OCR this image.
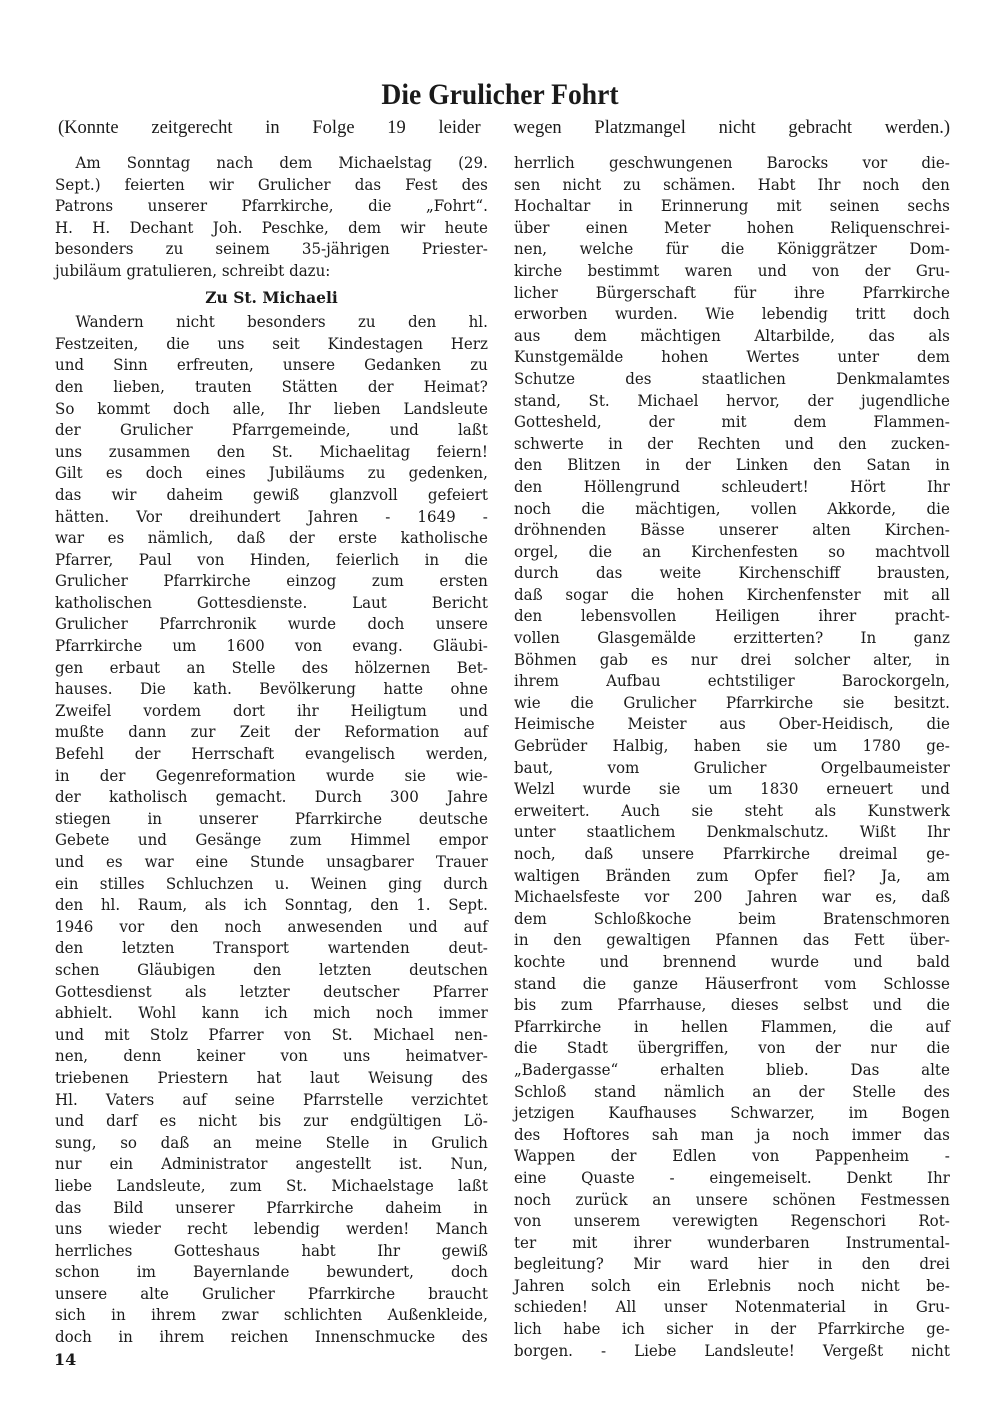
Die Grulicher Fohrt
(Konnte zeitgerecht in Folge 19 leider wegen Platzmangel nicht gebracht werden.)
Am Sonntag nach dem Michaelstag (29.
Sept.) feierten wir Grulicher das Fest des
Patrons unserer Pfarrkirche, die „Fohrt“.
H. H. Dechant Joh. Peschke, dem wir heute
besonders zu seinem 35-jährigen Priester-
jubiläum gratulieren, schreibt dazu:
Zu St. Michaeli
Wandern nicht besonders zu den hl.
Festzeiten, die uns seit Kindestagen Herz
und Sinn erfreuten, unsere Gedanken zu
den lieben, trauten Stätten der Heimat?
So kommt doch alle, Ihr lieben Landsleute
der Grulicher Pfarrgemeinde, und laßt
uns zusammen den St. Michaelitag feiern!
Gilt es doch eines Jubiläums zu gedenken,
das wir daheim gewiß glanzvoll gefeiert
hätten. Vor dreihundert Jahren - 1649 -
war es nämlich, daß der erste katholische
Pfarrer, Paul von Hinden, feierlich in die
Grulicher Pfarrkirche einzog zum ersten
katholischen Gottesdienste. Laut Bericht
Grulicher Pfarrchronik wurde doch unsere
Pfarrkirche um 1600 von evang. Gläubi-
gen erbaut an Stelle des hölzernen Bet-
hauses. Die kath. Bevölkerung hatte ohne
Zweifel vordem dort ihr Heiligtum und
mußte dann zur Zeit der Reformation auf
Befehl der Herrschaft evangelisch werden,
in der Gegenreformation wurde sie wie-
der katholisch gemacht. Durch 300 Jahre
stiegen in unserer Pfarrkirche deutsche
Gebete und Gesänge zum Himmel empor
und es war eine Stunde unsagbarer Trauer
ein stilles Schluchzen u. Weinen ging durch
den hl. Raum, als ich Sonntag, den 1. Sept.
1946 vor den noch anwesenden und auf
den letzten Transport wartenden deut-
schen Gläubigen den letzten deutschen
Gottesdienst als letzter deutscher Pfarrer
abhielt. Wohl kann ich mich noch immer
und mit Stolz Pfarrer von St. Michael nen-
nen, denn keiner von uns heimatver-
triebenen Priestern hat laut Weisung des
Hl. Vaters auf seine Pfarrstelle verzichtet
und darf es nicht bis zur endgültigen Lö-
sung, so daß an meine Stelle in Grulich
nur ein Administrator angestellt ist. Nun,
liebe Landsleute, zum St. Michaelstage laßt
das Bild unserer Pfarrkirche daheim in
uns wieder recht lebendig werden! Manch
herrliches Gotteshaus habt Ihr gewiß
schon im Bayernlande bewundert, doch
unsere alte Grulicher Pfarrkirche braucht
sich in ihrem zwar schlichten Außenkleide,
doch in ihrem reichen Innenschmucke des
herrlich geschwungenen Barocks vor die-
sen nicht zu schämen. Habt Ihr noch den
Hochaltar in Erinnerung mit seinen sechs
über einen Meter hohen Reliquenschrei-
nen, welche für die Königgrätzer Dom-
kirche bestimmt waren und von der Gru-
licher Bürgerschaft für ihre Pfarrkirche
erworben wurden. Wie lebendig tritt doch
aus dem mächtigen Altarbilde, das als
Kunstgemälde hohen Wertes unter dem
Schutze des staatlichen Denkmalamtes
stand, St. Michael hervor, der jugendliche
Gottesheld, der mit dem Flammen-
schwerte in der Rechten und den zucken-
den Blitzen in der Linken den Satan in
den Höllengrund schleudert! Hört Ihr
noch die mächtigen, vollen Akkorde, die
dröhnenden Bässe unserer alten Kirchen-
orgel, die an Kirchenfesten so machtvoll
durch das weite Kirchenschiff brausten,
daß sogar die hohen Kirchenfenster mit all
den lebensvollen Heiligen ihrer pracht-
vollen Glasgemälde erzitterten? In ganz
Böhmen gab es nur drei solcher alter, in
ihrem Aufbau echtstiliger Barockorgeln,
wie die Grulicher Pfarrkirche sie besitzt.
Heimische Meister aus Ober-Heidisch, die
Gebrüder Halbig, haben sie um 1780 ge-
baut, vom Grulicher Orgelbaumeister
Welzl wurde sie um 1830 erneuert und
erweitert. Auch sie steht als Kunstwerk
unter staatlichem Denkmalschutz. Wißt Ihr
noch, daß unsere Pfarrkirche dreimal ge-
waltigen Bränden zum Opfer fiel? Ja, am
Michaelsfeste vor 200 Jahren war es, daß
dem Schloßkoche beim Bratenschmoren
in den gewaltigen Pfannen das Fett über-
kochte und brennend wurde und bald
stand die ganze Häuserfront vom Schlosse
bis zum Pfarrhause, dieses selbst und die
Pfarrkirche in hellen Flammen, die auf
die Stadt übergriffen, von der nur die
„Badergasse“ erhalten blieb. Das alte
Schloß stand nämlich an der Stelle des
jetzigen Kaufhauses Schwarzer, im Bogen
des Hoftores sah man ja noch immer das
Wappen der Edlen von Pappenheim -
eine Quaste - eingemeiselt. Denkt Ihr
noch zurück an unsere schönen Festmessen
von unserem verewigten Regenschori Rot-
ter mit ihrer wunderbaren Instrumental-
begleitung? Mir ward hier in den drei
Jahren solch ein Erlebnis noch nicht be-
schieden! All unser Notenmaterial in Gru-
lich habe ich sicher in der Pfarrkirche ge-
borgen. - Liebe Landsleute! Vergeßt nicht
14
